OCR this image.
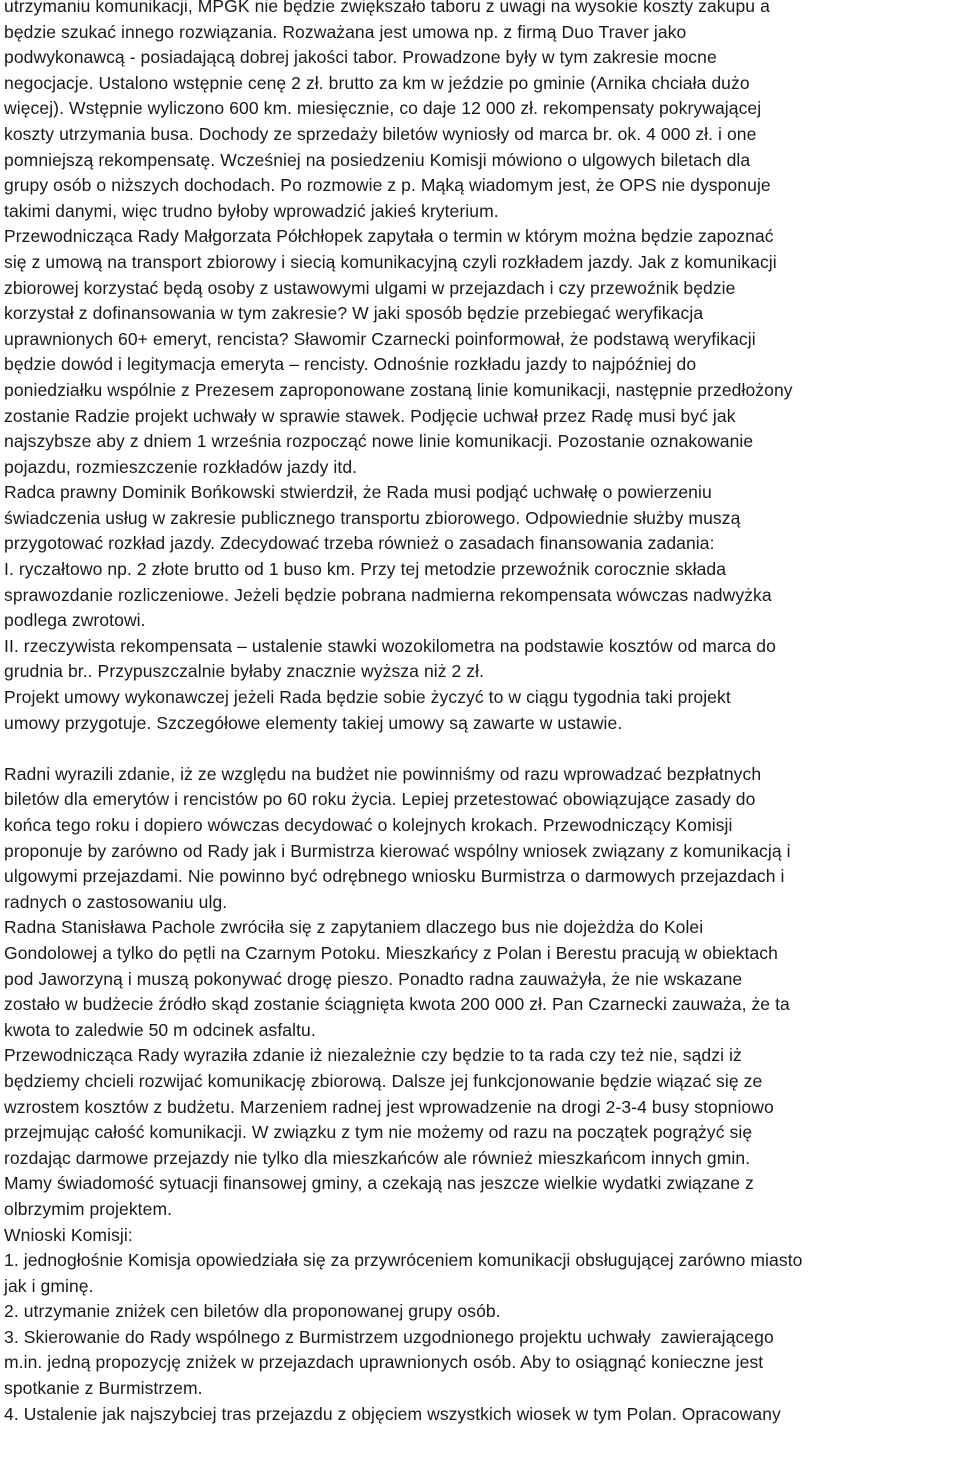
utrzymaniu komunikacji, MPGK nie będzie zwiększało taboru z uwagi na wysokie koszty zakupu a
będzie szukać innego rozwiązania. Rozważana jest umowa np. z firmą Duo Traver jako
podwykonawcą - posiadającą dobrej jakości tabor. Prowadzone były w tym zakresie mocne
negocjacje. Ustalono wstępnie cenę 2 zł. brutto za km w jeździe po gminie (Arnika chciała dużo
więcej). Wstępnie wyliczono 600 km. miesięcznie, co daje 12 000 zł. rekompensaty pokrywającej
koszty utrzymania busa. Dochody ze sprzedaży biletów wyniosły od marca br. ok. 4 000 zł. i one
pomniejszą rekompensatę. Wcześniej na posiedzeniu Komisji mówiono o ulgowych biletach dla
grupy osób o niższych dochodach. Po rozmowie z p. Mąką wiadomym jest, że OPS nie dysponuje
takimi danymi, więc trudno byłoby wprowadzić jakieś kryterium.
Przewodnicząca Rady Małgorzata Półchłopek zapytała o termin w którym można będzie zapoznać
się z umową na transport zbiorowy i siecią komunikacyjną czyli rozkładem jazdy. Jak z komunikacji
zbiorowej korzystać będą osoby z ustawowymi ulgami w przejazdach i czy przewoźnik będzie
korzystał z dofinansowania w tym zakresie? W jaki sposób będzie przebiegać weryfikacja
uprawnionych 60+ emeryt, rencista? Sławomir Czarnecki poinformował, że podstawą weryfikacji
będzie dowód i legitymacja emeryta – rencisty. Odnośnie rozkładu jazdy to najpóźniej do
poniedziałku wspólnie z Prezesem zaproponowane zostaną linie komunikacji, następnie przedłożony
zostanie Radzie projekt uchwały w sprawie stawek. Podjęcie uchwał przez Radę musi być jak
najszybsze aby z dniem 1 września rozpocząć nowe linie komunikacji. Pozostanie oznakowanie
pojazdu, rozmieszczenie rozkładów jazdy itd.
Radca prawny Dominik Bońkowski stwierdził, że Rada musi podjąć uchwałę o powierzeniu
świadczenia usług w zakresie publicznego transportu zbiorowego. Odpowiednie służby muszą
przygotować rozkład jazdy. Zdecydować trzeba również o zasadach finansowania zadania:
I. ryczałtowo np. 2 złote brutto od 1 buso km. Przy tej metodzie przewoźnik corocznie składa
sprawozdanie rozliczeniowe. Jeżeli będzie pobrana nadmierna rekompensata wówczas nadwyżka
podlega zwrotowi.
II. rzeczywista rekompensata – ustalenie stawki wozokilometra na podstawie kosztów od marca do
grudnia br.. Przypuszczalnie byłaby znacznie wyższa niż 2 zł.
Projekt umowy wykonawczej jeżeli Rada będzie sobie życzyć to w ciągu tygodnia taki projekt
umowy przygotuje. Szczegółowe elementy takiej umowy są zawarte w ustawie.
Radni wyrazili zdanie, iż ze względu na budżet nie powinniśmy od razu wprowadzać bezpłatnych
biletów dla emerytów i rencistów po 60 roku życia. Lepiej przetestować obowiązujące zasady do
końca tego roku i dopiero wówczas decydować o kolejnych krokach. Przewodniczący Komisji
proponuje by zarówno od Rady jak i Burmistrza kierować wspólny wniosek związany z komunikacją i
ulgowymi przejazdami. Nie powinno być odrębnego wniosku Burmistrza o darmowych przejazdach i
radnych o zastosowaniu ulg.
Radna Stanisława Pachole zwróciła się z zapytaniem dlaczego bus nie dojeżdża do Kolei
Gondolowej a tylko do pętli na Czarnym Potoku. Mieszkańcy z Polan i Berestu pracują w obiektach
pod Jaworzyną i muszą pokonywać drogę pieszo. Ponadto radna zauważyła, że nie wskazane
zostało w budżecie źródło skąd zostanie ściągnięta kwota 200 000 zł. Pan Czarnecki zauważa, że ta
kwota to zaledwie 50 m odcinek asfaltu.
Przewodnicząca Rady wyraziła zdanie iż niezależnie czy będzie to ta rada czy też nie, sądzi iż
będziemy chcieli rozwijać komunikację zbiorową. Dalsze jej funkcjonowanie będzie wiązać się ze
wzrostem kosztów z budżetu. Marzeniem radnej jest wprowadzenie na drogi 2-3-4 busy stopniowo
przejmując całość komunikacji. W związku z tym nie możemy od razu na początek pogrążyć się
rozdając darmowe przejazdy nie tylko dla mieszkańców ale również mieszkańcom innych gmin.
Mamy świadomość sytuacji finansowej gminy, a czekają nas jeszcze wielkie wydatki związane z
olbrzymim projektem.
Wnioski Komisji:
1. jednogłośnie Komisja opowiedziała się za przywróceniem komunikacji obsługującej zarówno miasto
jak i gminę.
2. utrzymanie zniżek cen biletów dla proponowanej grupy osób.
3. Skierowanie do Rady wspólnego z Burmistrzem uzgodnionego projektu uchwały  zawierającego
m.in. jedną propozycję zniżek w przejazdach uprawnionych osób. Aby to osiągnąć konieczne jest
spotkanie z Burmistrzem.
4. Ustalenie jak najszybciej tras przejazdu z objęciem wszystkich wiosek w tym Polan. Opracowany
